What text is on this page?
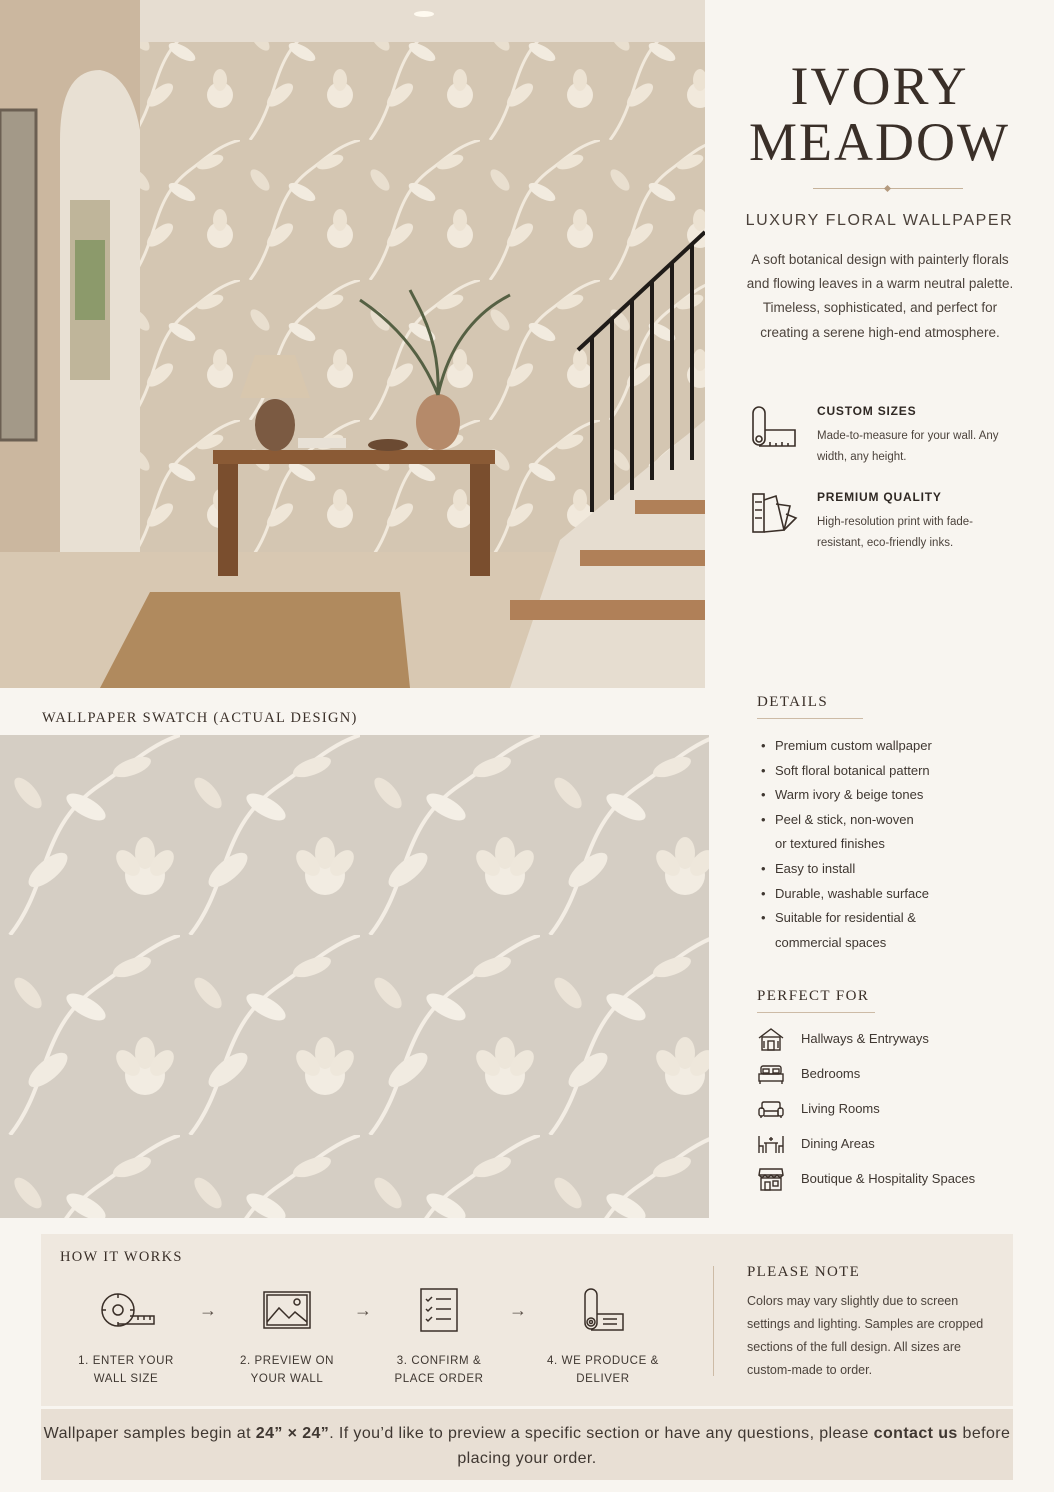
IVORY
MEADOW
LUXURY FLORAL WALLPAPER
A soft botanical design with painterly florals and flowing leaves in a warm neutral palette. Timeless, sophisticated, and perfect for creating a serene high-end atmosphere.
CUSTOM SIZES
Made-to-measure for your wall. Any width, any height.
PREMIUM QUALITY
High-resolution print with fade-resistant, eco-friendly inks.
DETAILS
• Premium custom wallpaper
• Soft floral botanical pattern
• Warm ivory & beige tones
• Peel & stick, non-woven
or textured finishes
• Easy to install
• Durable, washable surface
• Suitable for residential &
commercial spaces
PERFECT FOR
Hallways & Entryways
Bedrooms
Living Rooms
Dining Areas
Boutique & Hospitality Spaces
WALLPAPER SWATCH (ACTUAL DESIGN)
HOW IT WORKS
1. ENTER YOUR
WALL SIZE
→
2. PREVIEW ON
YOUR WALL
→
3. CONFIRM &
PLACE ORDER
→
4. WE PRODUCE &
DELIVER
PLEASE NOTE
Colors may vary slightly due to screen settings and lighting. Samples are cropped sections of the full design. All sizes are custom-made to order.
Wallpaper samples begin at 24” × 24”. If you’d like to preview a specific section or have any questions, please contact us before placing your order.
